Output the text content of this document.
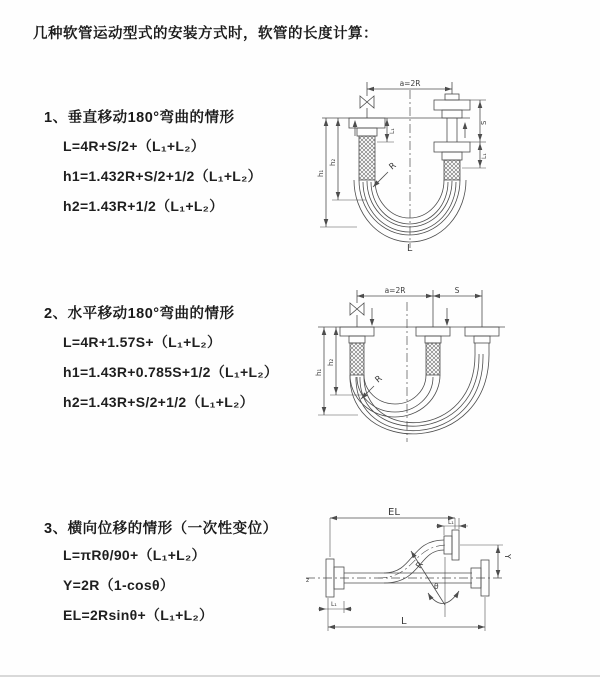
几种软管运动型式的安装方式时，软管的长度计算：
1、垂直移动180°弯曲的情形
L=4R+S/2+（L₁+L₂）
h1=1.432R+S/2+1/2（L₁+L₂）
h2=1.43R+1/2（L₁+L₂）
2、水平移动180°弯曲的情形
L=4R+1.57S+（L₁+L₂）
h1=1.43R+0.785S+1/2（L₁+L₂）
h2=1.43R+S/2+1/2（L₁+L₂）
3、横向位移的情形（一次性变位）
L=πRθ/90+（L₁+L₂）
Y=2R（1-cosθ）
EL=2Rsinθ+（L₁+L₂）
a=2R
h₁
h₂
L₁
S
L₁
R
L
a=2R	S
h₁
h₂
R
EL
L₁
Y
L
L₁
z
R
θ
